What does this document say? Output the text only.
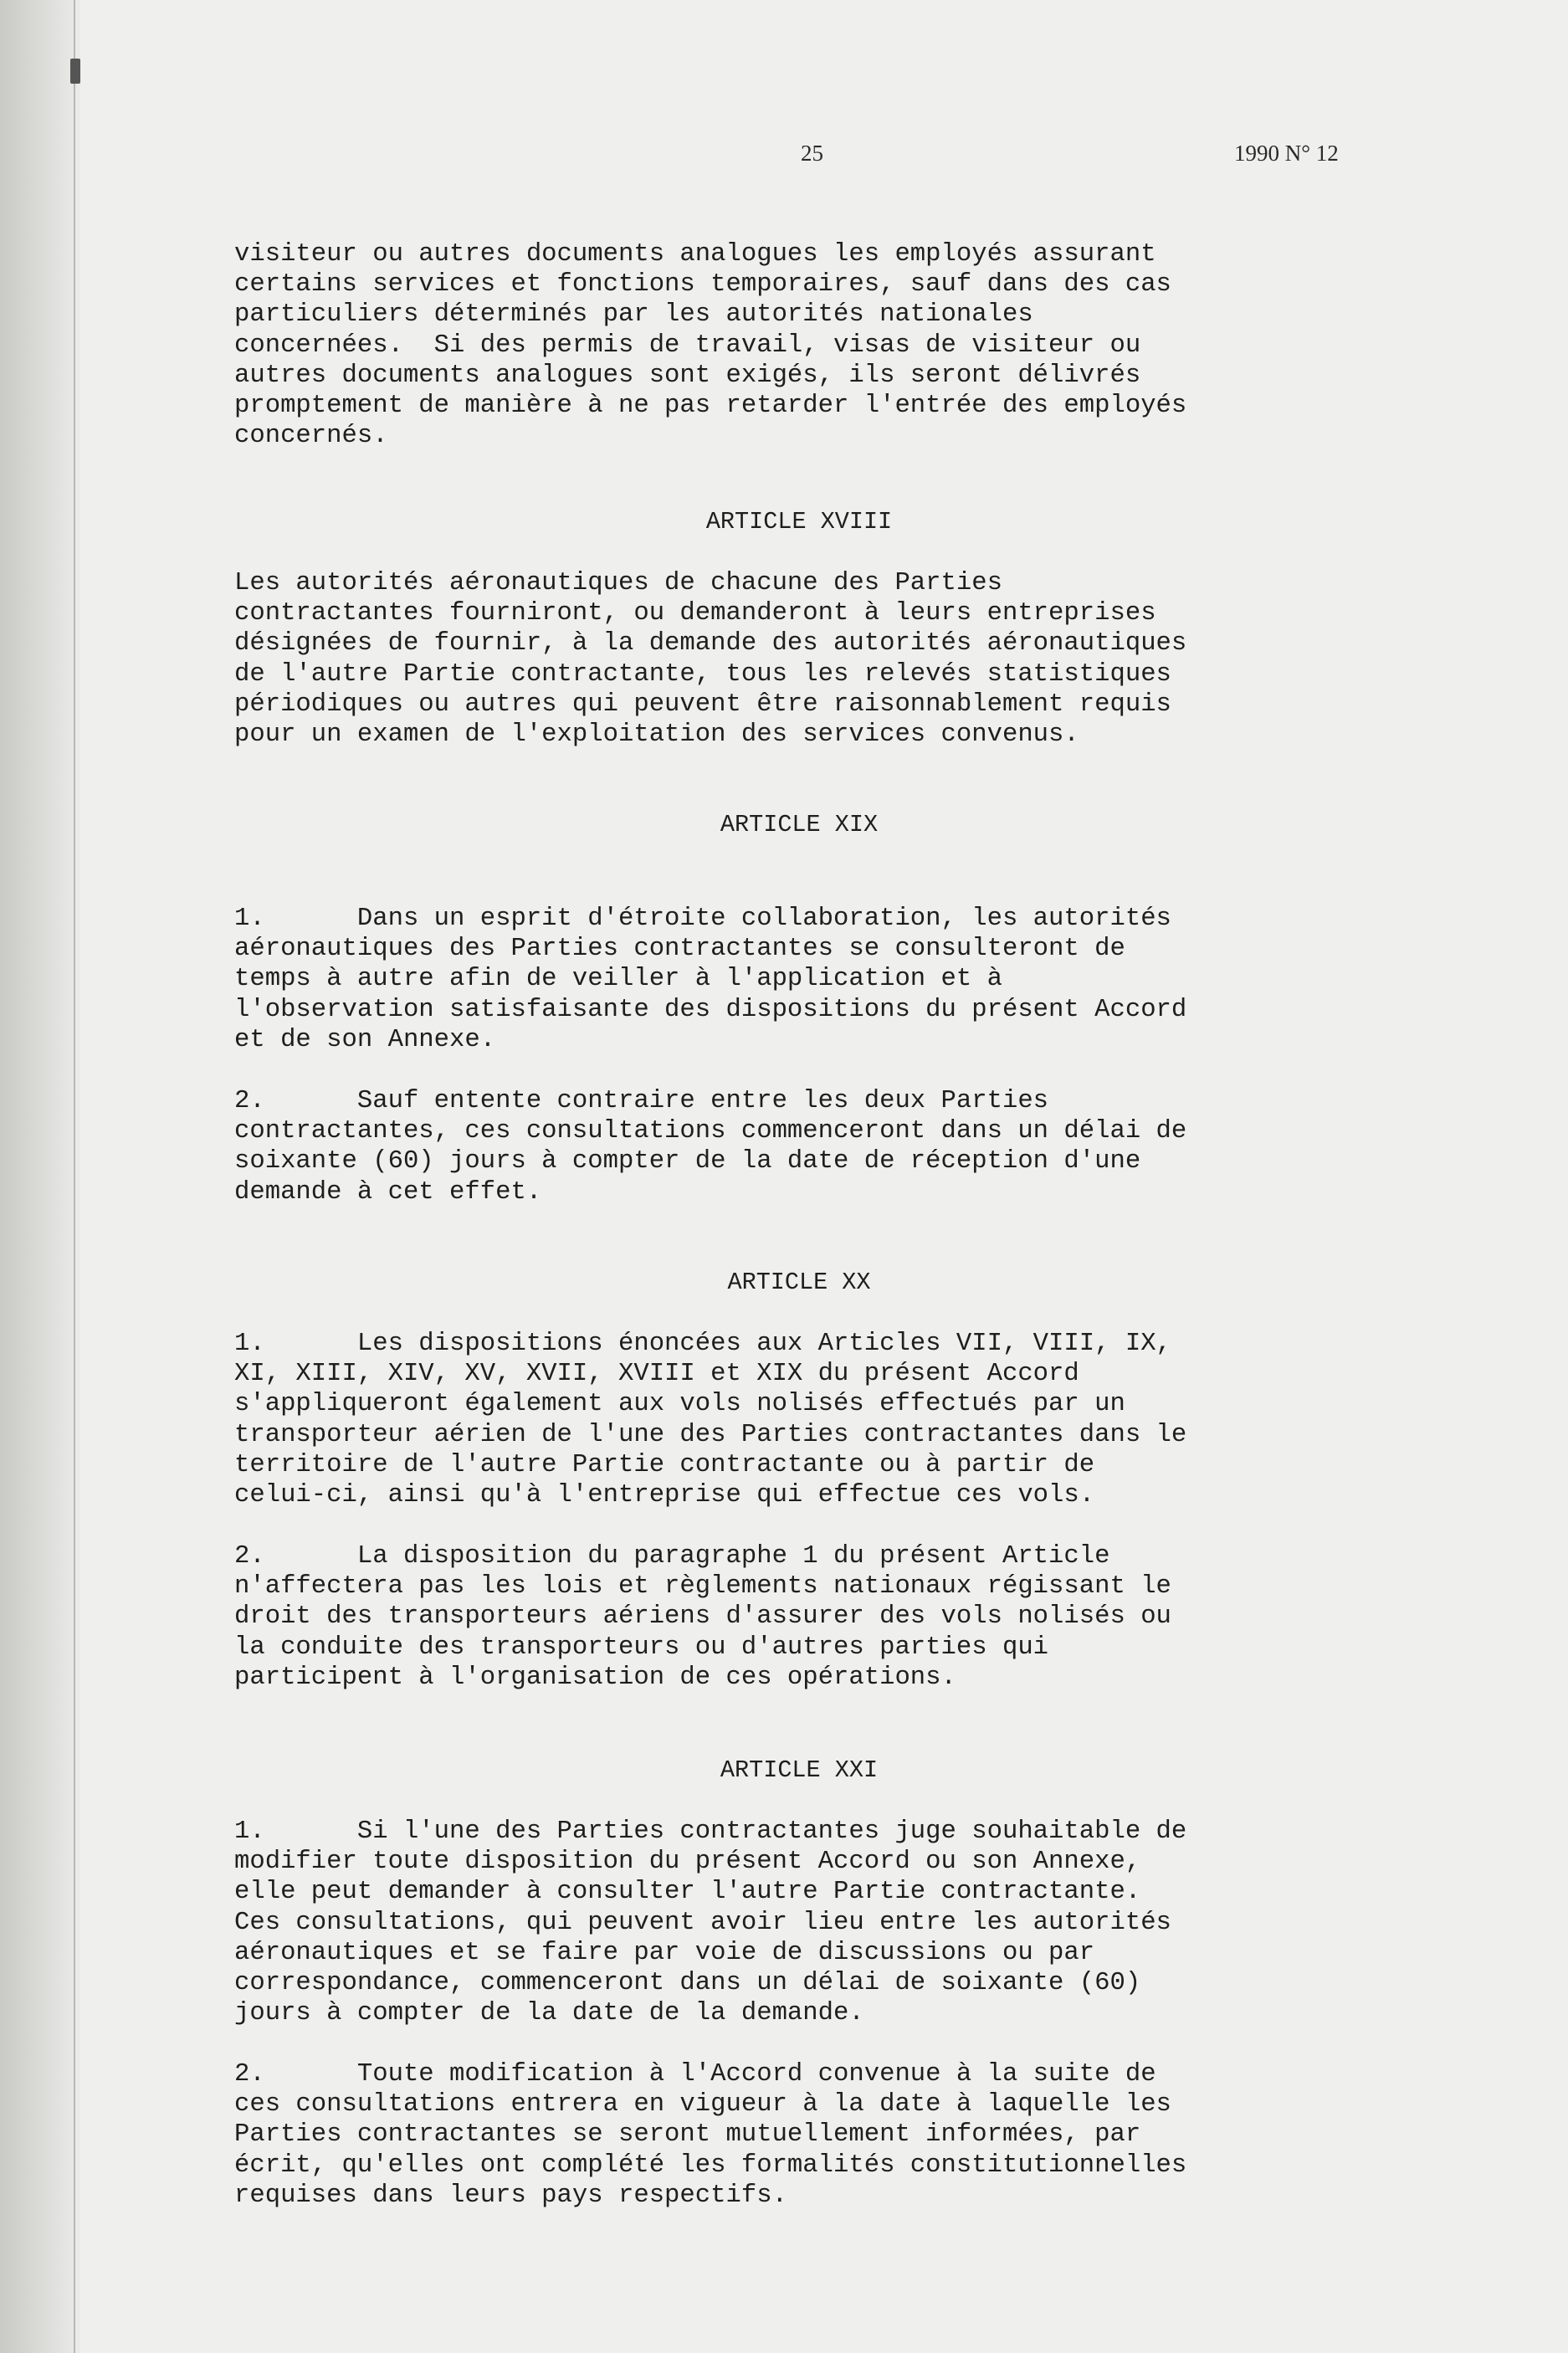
25	1990 N° 12
visiteur ou autres documents analogues les employés assurant
certains services et fonctions temporaires, sauf dans des cas
particuliers déterminés par les autorités nationales
concernées.  Si des permis de travail, visas de visiteur ou
autres documents analogues sont exigés, ils seront délivrés
promptement de manière à ne pas retarder l'entrée des employés
concernés.
ARTICLE XVIII
Les autorités aéronautiques de chacune des Parties
contractantes fourniront, ou demanderont à leurs entreprises
désignées de fournir, à la demande des autorités aéronautiques
de l'autre Partie contractante, tous les relevés statistiques
périodiques ou autres qui peuvent être raisonnablement requis
pour un examen de l'exploitation des services convenus.
ARTICLE XIX
1.      Dans un esprit d'étroite collaboration, les autorités
aéronautiques des Parties contractantes se consulteront de
temps à autre afin de veiller à l'application et à
l'observation satisfaisante des dispositions du présent Accord
et de son Annexe.
2.      Sauf entente contraire entre les deux Parties
contractantes, ces consultations commenceront dans un délai de
soixante (60) jours à compter de la date de réception d'une
demande à cet effet.
ARTICLE XX
1.      Les dispositions énoncées aux Articles VII, VIII, IX,
XI, XIII, XIV, XV, XVII, XVIII et XIX du présent Accord
s'appliqueront également aux vols nolisés effectués par un
transporteur aérien de l'une des Parties contractantes dans le
territoire de l'autre Partie contractante ou à partir de
celui-ci, ainsi qu'à l'entreprise qui effectue ces vols.
2.      La disposition du paragraphe 1 du présent Article
n'affectera pas les lois et règlements nationaux régissant le
droit des transporteurs aériens d'assurer des vols nolisés ou
la conduite des transporteurs ou d'autres parties qui
participent à l'organisation de ces opérations.
ARTICLE XXI
1.      Si l'une des Parties contractantes juge souhaitable de
modifier toute disposition du présent Accord ou son Annexe,
elle peut demander à consulter l'autre Partie contractante.
Ces consultations, qui peuvent avoir lieu entre les autorités
aéronautiques et se faire par voie de discussions ou par
correspondance, commenceront dans un délai de soixante (60)
jours à compter de la date de la demande.
2.      Toute modification à l'Accord convenue à la suite de
ces consultations entrera en vigueur à la date à laquelle les
Parties contractantes se seront mutuellement informées, par
écrit, qu'elles ont complété les formalités constitutionnelles
requises dans leurs pays respectifs.
